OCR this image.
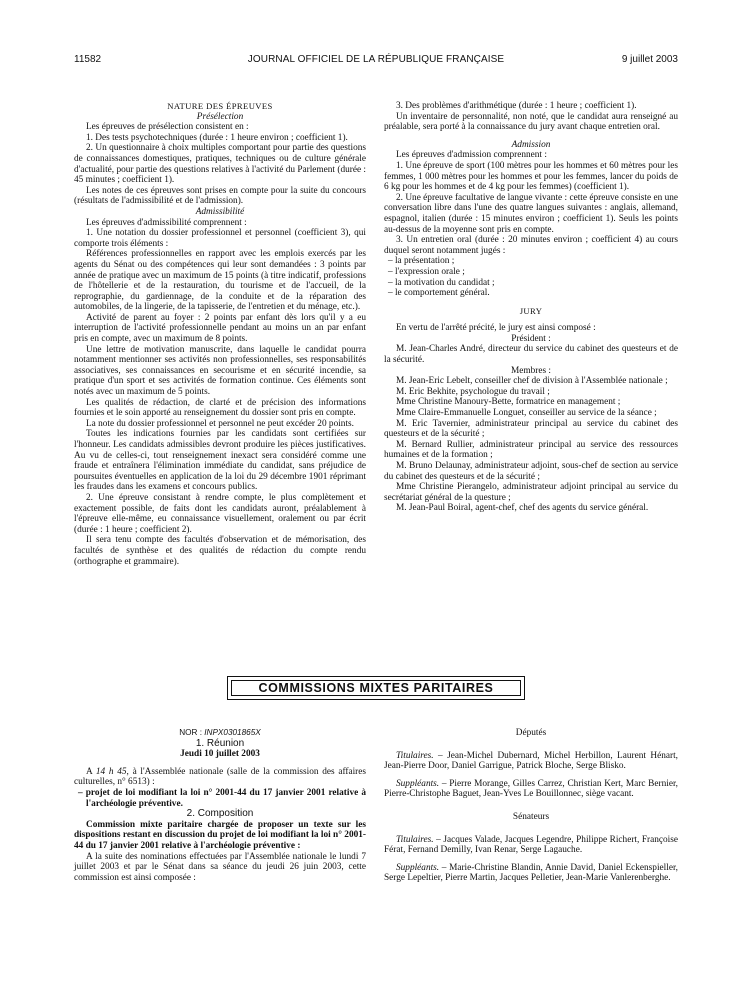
11582	JOURNAL OFFICIEL DE LA RÉPUBLIQUE FRANÇAISE	9 juillet 2003

NATURE DES ÉPREUVES

Présélection

Les épreuves de présélection consistent en :

1. Des tests psychotechniques (durée : 1 heure environ ; coefficient 1).

2. Un questionnaire à choix multiples comportant pour partie des questions de connaissances domestiques, pratiques, techniques ou de culture générale d'actualité, pour partie des questions relatives à l'activité du Parlement (durée : 45 minutes ; coefficient 1).

Les notes de ces épreuves sont prises en compte pour la suite du concours (résultats de l'admissibilité et de l'admission).

Admissibilité

Les épreuves d'admissibilité comprennent :

1. Une notation du dossier professionnel et personnel (coefficient 3), qui comporte trois éléments :

Références professionnelles en rapport avec les emplois exercés par les agents du Sénat ou des compétences qui leur sont demandées : 3 points par année de pratique avec un maximum de 15 points (à titre indicatif, professions de l'hôtellerie et de la restauration, du tourisme et de l'accueil, de la reprographie, du gardiennage, de la conduite et de la réparation des automobiles, de la lingerie, de la tapisserie, de l'entretien et du ménage, etc.).

Activité de parent au foyer : 2 points par enfant dès lors qu'il y a eu interruption de l'activité professionnelle pendant au moins un an par enfant pris en compte, avec un maximum de 8 points.

Une lettre de motivation manuscrite, dans laquelle le candidat pourra notamment mentionner ses activités non professionnelles, ses responsabilités associatives, ses connaissances en secourisme et en sécurité incendie, sa pratique d'un sport et ses activités de formation continue. Ces éléments sont notés avec un maximum de 5 points.

Les qualités de rédaction, de clarté et de précision des informations fournies et le soin apporté au renseignement du dossier sont pris en compte.

La note du dossier professionnel et personnel ne peut excéder 20 points.

Toutes les indications fournies par les candidats sont certifiées sur l'honneur. Les candidats admissibles devront produire les pièces justificatives. Au vu de celles-ci, tout renseignement inexact sera considéré comme une fraude et entraînera l'élimination immédiate du candidat, sans préjudice de poursuites éventuelles en application de la loi du 29 décembre 1901 réprimant les fraudes dans les examens et concours publics.

2. Une épreuve consistant à rendre compte, le plus complètement et exactement possible, de faits dont les candidats auront, préalablement à l'épreuve elle-même, eu connaissance visuellement, oralement ou par écrit (durée : 1 heure ; coefficient 2).

Il sera tenu compte des facultés d'observation et de mémorisation, des facultés de synthèse et des qualités de rédaction du compte rendu (orthographe et grammaire).

3. Des problèmes d'arithmétique (durée : 1 heure ; coefficient 1).

Un inventaire de personnalité, non noté, que le candidat aura renseigné au préalable, sera porté à la connaissance du jury avant chaque entretien oral.

Admission

Les épreuves d'admission comprennent :

1. Une épreuve de sport (100 mètres pour les hommes et 60 mètres pour les femmes, 1 000 mètres pour les hommes et pour les femmes, lancer du poids de 6 kg pour les hommes et de 4 kg pour les femmes) (coefficient 1).

2. Une épreuve facultative de langue vivante : cette épreuve consiste en une conversation libre dans l'une des quatre langues suivantes : anglais, allemand, espagnol, italien (durée : 15 minutes environ ; coefficient 1). Seuls les points au-dessus de la moyenne sont pris en compte.

3. Un entretien oral (durée : 20 minutes environ ; coefficient 4) au cours duquel seront notamment jugés :

– la présentation ;

– l'expression orale ;

– la motivation du candidat ;

– le comportement général.

JURY

En vertu de l'arrêté précité, le jury est ainsi composé :

Président :

M. Jean-Charles André, directeur du service du cabinet des questeurs et de la sécurité.

Membres :

M. Jean-Eric Lebelt, conseiller chef de division à l'Assemblée nationale ;

M. Eric Bekhite, psychologue du travail ;

Mme Christine Manoury-Bette, formatrice en management ;

Mme Claire-Emmanuelle Longuet, conseiller au service de la séance ;

M. Eric Tavernier, administrateur principal au service du cabinet des questeurs et de la sécurité ;

M. Bernard Rullier, administrateur principal au service des ressources humaines et de la formation ;

M. Bruno Delaunay, administrateur adjoint, sous-chef de section au service du cabinet des questeurs et de la sécurité ;

Mme Christine Pierangelo, administrateur adjoint principal au service du secrétariat général de la questure ;

M. Jean-Paul Boiral, agent-chef, chef des agents du service général.

COMMISSIONS MIXTES PARITAIRES

NOR : INPX0301865X

1. Réunion

Jeudi 10 juillet 2003

A 14 h 45, à l'Assemblée nationale (salle de la commission des affaires culturelles, n° 6513) :

– projet de loi modifiant la loi n° 2001-44 du 17 janvier 2001 relative à l'archéologie préventive.

2. Composition

Commission mixte paritaire chargée de proposer un texte sur les dispositions restant en discussion du projet de loi modifiant la loi n° 2001-44 du 17 janvier 2001 relative à l'archéologie préventive :

A la suite des nominations effectuées par l'Assemblée nationale le lundi 7 juillet 2003 et par le Sénat dans sa séance du jeudi 26 juin 2003, cette commission est ainsi composée :

Députés

Titulaires. – Jean-Michel Dubernard, Michel Herbillon, Laurent Hénart, Jean-Pierre Door, Daniel Garrigue, Patrick Bloche, Serge Blisko.

Suppléants. – Pierre Morange, Gilles Carrez, Christian Kert, Marc Bernier, Pierre-Christophe Baguet, Jean-Yves Le Bouillonnec, siège vacant.

Sénateurs

Titulaires. – Jacques Valade, Jacques Legendre, Philippe Richert, Françoise Férat, Fernand Demilly, Ivan Renar, Serge Lagauche.

Suppléants. – Marie-Christine Blandin, Annie David, Daniel Eckenspieller, Serge Lepeltier, Pierre Martin, Jacques Pelletier, Jean-Marie Vanlerenberghe.
